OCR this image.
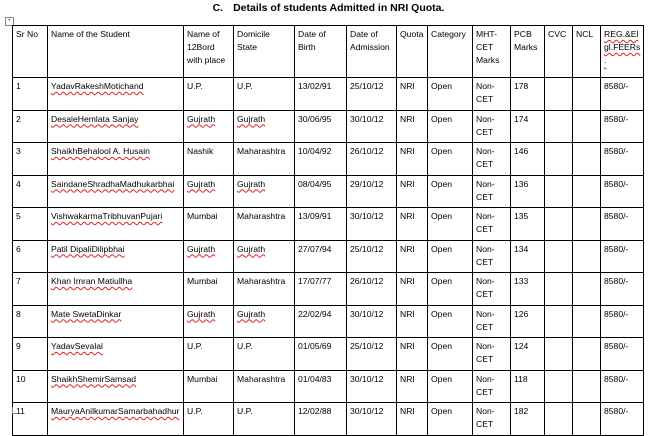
C. Details of students Admitted in NRI Quota.
+
Sr No	Name of the Student	Name of 12Bord with place	Domicile State	Date of Birth	Date of Admission	Quota	Category	MHT-CET Marks	PCB Marks	CVC	NCL	REG.&El gl.FEERs .
1	YadavRakeshMotichand	U.P.	U.P.	13/02/91	25/10/12	NRI	Open	Non-CET	178			8580/-
2	DesaleHemlata Sanjay	Gujrath	Gujrath	30/06/95	30/10/12	NRI	Open	Non-CET	174			8580/-
3	ShaikhBehalool A. Husain	Nashik	Maharashtra	10/04/92	26/10/12	NRI	Open	Non-CET	146			8580/-
4	SaindaneShradhaMadhukarbhai	Gujrath	Gujrath	08/04/95	29/10/12	NRI	Open	Non-CET	136			8580/-
5	VishwakarmaTribhuvanPujari	Mumbai	Maharashtra	13/09/91	30/10/12	NRI	Open	Non-CET	135			8580/-
6	Patil DipaliDilipbhai	Gujrath	Gujrath	27/07/94	25/10/12	NRI	Open	Non-CET	134			8580/-
7	Khan Imran Matiullha	Mumbai	Maharashtra	17/07/77	26/10/12	NRI	Open	Non-CET	133			8580/-
8	Mate SwetaDinkar	Gujrath	Gujrath	22/02/94	30/10/12	NRI	Open	Non-CET	126			8580/-
9	YadavSevalal	U.P.	U.P.	01/05/69	25/10/12	NRI	Open	Non-CET	124			8580/-
10	ShaikhShemirSamsad	Mumbai	Maharashtra	01/04/83	30/10/12	NRI	Open	Non-CET	118			8580/-
11	MauryaAnilkumarSamarbahadhur	U.P.	U.P.	12/02/88	30/10/12	NRI	Open	Non-CET	182			8580/-
